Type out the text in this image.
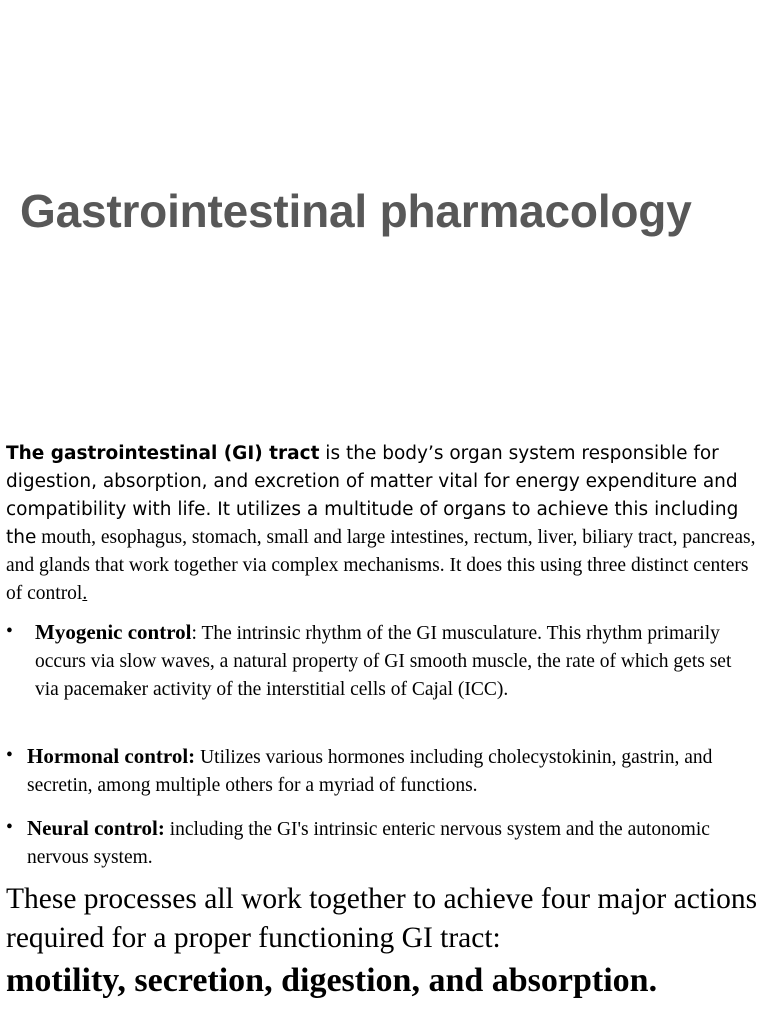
Gastrointestinal pharmacology
The gastrointestinal (GI) tract is the body’s organ system responsible for digestion, absorption, and excretion of matter vital for energy expenditure and compatibility with life. It utilizes a multitude of organs to achieve this including the mouth, esophagus, stomach, small and large intestines, rectum, liver, biliary tract, pancreas, and glands that work together via complex mechanisms. It does this using three distinct centers of control.
• Myogenic control: The intrinsic rhythm of the GI musculature. This rhythm primarily occurs via slow waves, a natural property of GI smooth muscle, the rate of which gets set via pacemaker activity of the interstitial cells of Cajal (ICC).
• Hormonal control: Utilizes various hormones including cholecystokinin, gastrin, and secretin, among multiple others for a myriad of functions.
• Neural control: including the GI's intrinsic enteric nervous system and the autonomic nervous system.
These processes all work together to achieve four major actions required for a proper functioning GI tract:
motility, secretion, digestion, and absorption.
